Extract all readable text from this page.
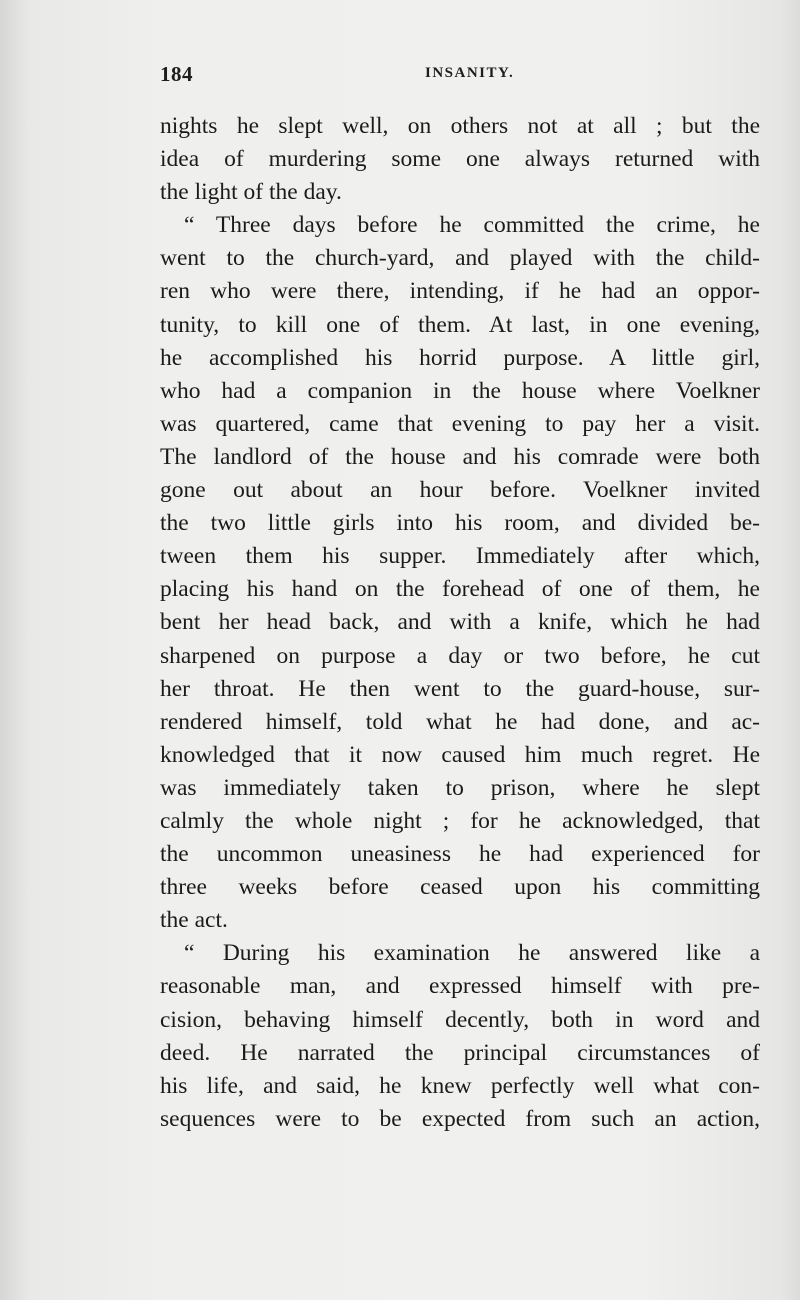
184	INSANITY.
nights he slept well, on others not at all ; but the
idea of murdering some one always returned with
the light of the day.
“ Three days before he committed the crime, he
went to the church-yard, and played with the child-
ren who were there, intending, if he had an oppor-
tunity, to kill one of them. At last, in one evening,
he accomplished his horrid purpose. A little girl,
who had a companion in the house where Voelkner
was quartered, came that evening to pay her a visit.
The landlord of the house and his comrade were both
gone out about an hour before. Voelkner invited
the two little girls into his room, and divided be-
tween them his supper. Immediately after which,
placing his hand on the forehead of one of them, he
bent her head back, and with a knife, which he had
sharpened on purpose a day or two before, he cut
her throat. He then went to the guard-house, sur-
rendered himself, told what he had done, and ac-
knowledged that it now caused him much regret. He
was immediately taken to prison, where he slept
calmly the whole night ; for he acknowledged, that
the uncommon uneasiness he had experienced for
three weeks before ceased upon his committing
the act.
“ During his examination he answered like a
reasonable man, and expressed himself with pre-
cision, behaving himself decently, both in word and
deed. He narrated the principal circumstances of
his life, and said, he knew perfectly well what con-
sequences were to be expected from such an action,
